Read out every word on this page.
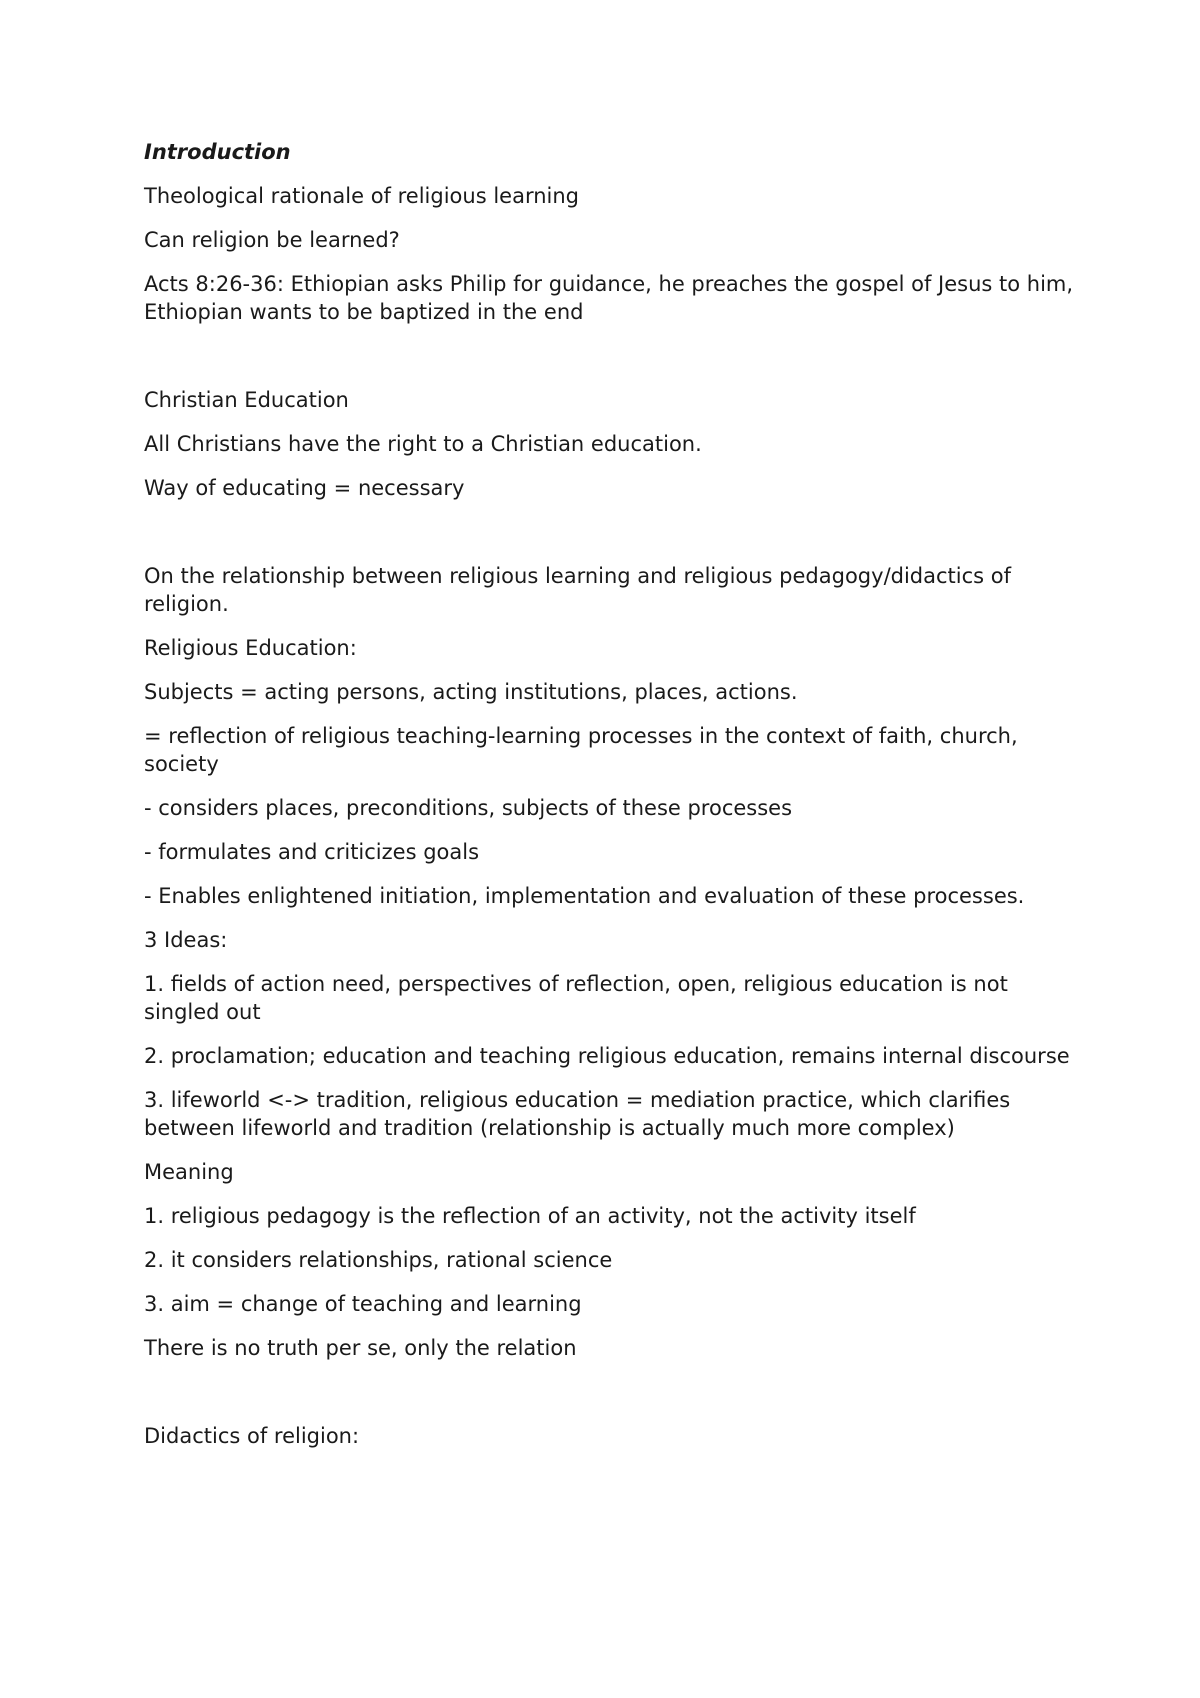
Introduction

Theological rationale of religious learning

Can religion be learned?

Acts 8:26-36: Ethiopian asks Philip for guidance, he preaches the gospel of Jesus to him, Ethiopian wants to be baptized in the end

Christian Education

All Christians have the right to a Christian education.

Way of educating = necessary

On the relationship between religious learning and religious pedagogy/didactics of religion.

Religious Education:

Subjects = acting persons, acting institutions, places, actions.

= reflection of religious teaching-learning processes in the context of faith, church, society

- considers places, preconditions, subjects of these processes

- formulates and criticizes goals

- Enables enlightened initiation, implementation and evaluation of these processes.

3 Ideas:

1. fields of action need, perspectives of reflection, open, religious education is not singled out

2. proclamation; education and teaching religious education, remains internal discourse

3. lifeworld <-> tradition, religious education = mediation practice, which clarifies between lifeworld and tradition (relationship is actually much more complex)

Meaning

1. religious pedagogy is the reflection of an activity, not the activity itself

2. it considers relationships, rational science

3. aim = change of teaching and learning

There is no truth per se, only the relation

Didactics of religion:
